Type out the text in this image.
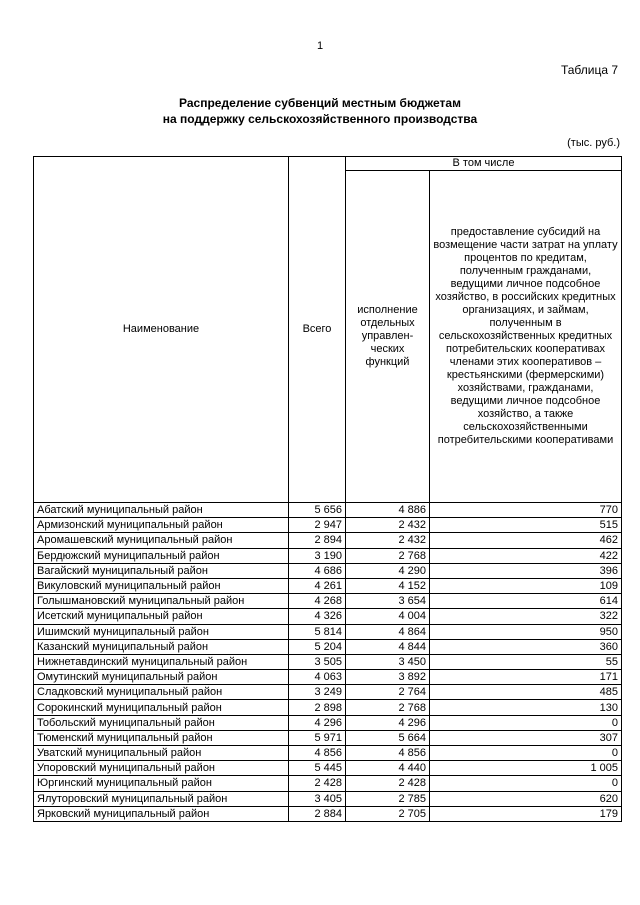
1
Таблица 7
Распределение субвенций местным бюджетам
на поддержку сельскохозяйственного производства
(тыс. руб.)
Наименование	Всего	В том числе	
		исполнение отдельных управлен-ческих функций	предоставление субсидий на возмещение части затрат на уплату процентов по кредитам, полученным гражданами, ведущими личное подсобное хозяйство, в российских кредитных организациях, и займам, полученным в сельскохозяйственных кредитных потребительских кооперативах членами этих кооперативов – крестьянскими (фермерскими) хозяйствами, гражданами, ведущими личное подсобное хозяйство, а также сельскохозяйственными потребительскими кооперативами
Абатский муниципальный район	5 656	4 886	770
Армизонский муниципальный район	2 947	2 432	515
Аромашевский муниципальный район	2 894	2 432	462
Бердюжский муниципальный район	3 190	2 768	422
Вагайский муниципальный район	4 686	4 290	396
Викуловский муниципальный район	4 261	4 152	109
Голышмановский муниципальный район	4 268	3 654	614
Исетский муниципальный район	4 326	4 004	322
Ишимский муниципальный район	5 814	4 864	950
Казанский муниципальный район	5 204	4 844	360
Нижнетавдинский муниципальный район	3 505	3 450	55
Омутинский муниципальный район	4 063	3 892	171
Сладковский муниципальный район	3 249	2 764	485
Сорокинский муниципальный район	2 898	2 768	130
Тобольский муниципальный район	4 296	4 296	0
Тюменский муниципальный район	5 971	5 664	307
Уватский муниципальный район	4 856	4 856	0
Упоровский муниципальный район	5 445	4 440	1 005
Юргинский муниципальный район	2 428	2 428	0
Ялуторовский муниципальный район	3 405	2 785	620
Ярковский муниципальный район	2 884	2 705	179
